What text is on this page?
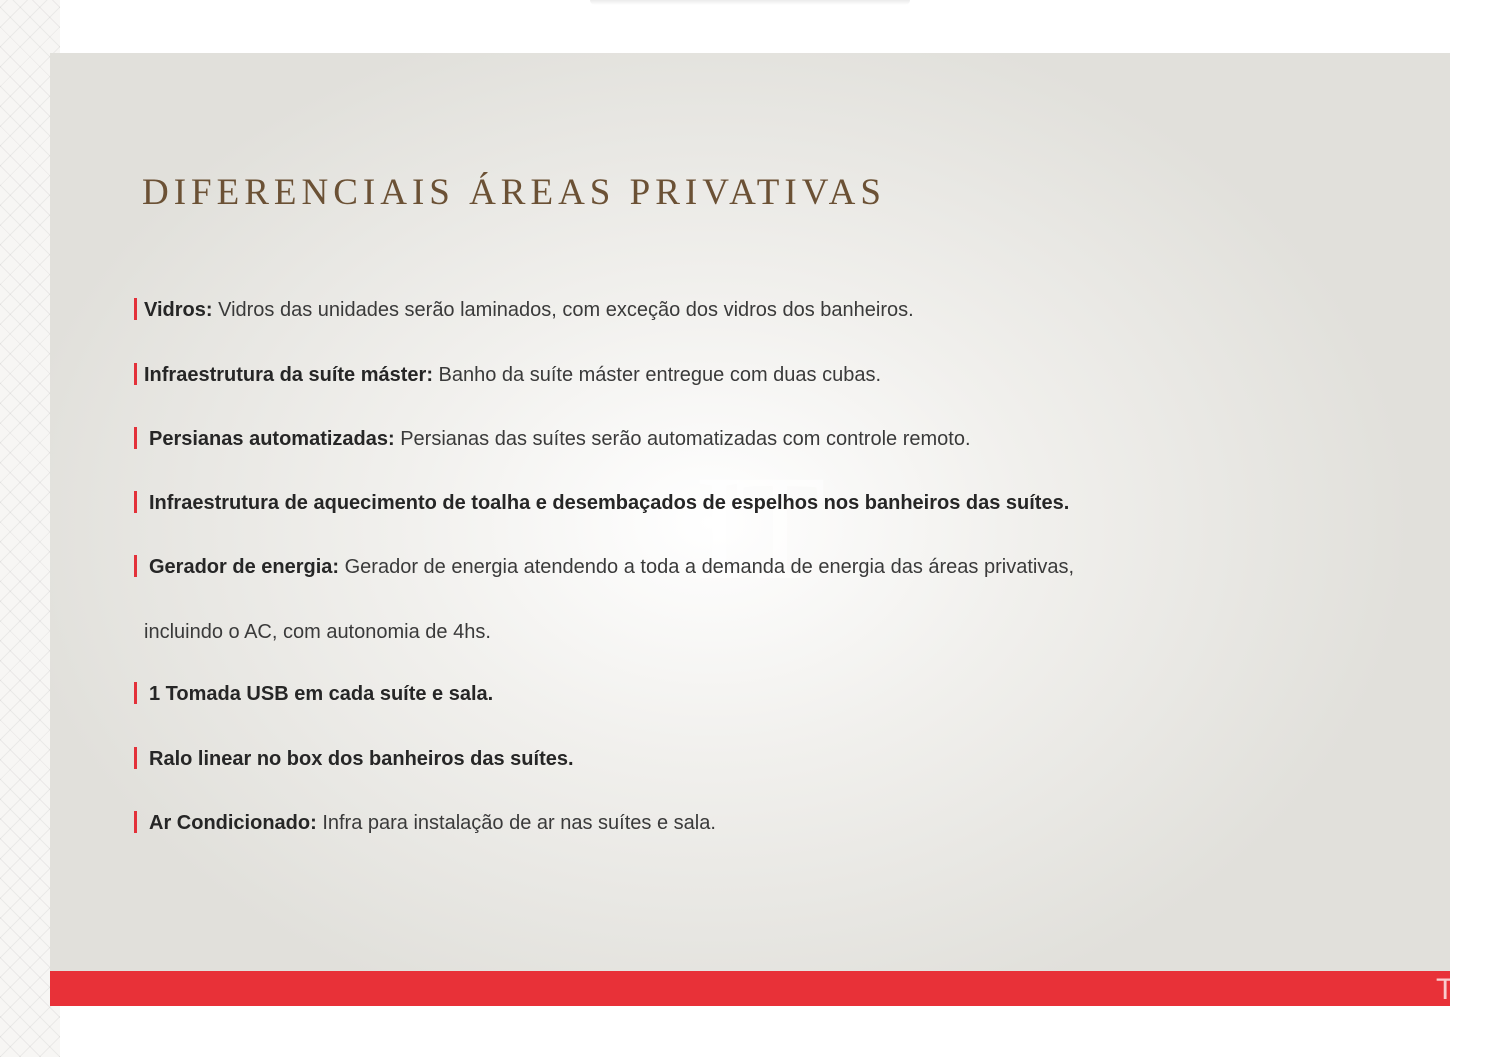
IT
DIFERENCIAIS ÁREAS PRIVATIVAS
Vidros: Vidros das unidades serão laminados, com exceção dos vidros dos banheiros.
Infraestrutura da suíte máster: Banho da suíte máster entregue com duas cubas.
Persianas automatizadas: Persianas das suítes serão automatizadas com controle remoto.
Infraestrutura de aquecimento de toalha e desembaçados de espelhos nos banheiros das suítes.
Gerador de energia: Gerador de energia atendendo a toda a demanda de energia das áreas privativas,
incluindo o AC, com autonomia de 4hs.
1 Tomada USB em cada suíte e sala.
Ralo linear no box dos banheiros das suítes.
Ar Condicionado: Infra para instalação de ar nas suítes e sala.
T
